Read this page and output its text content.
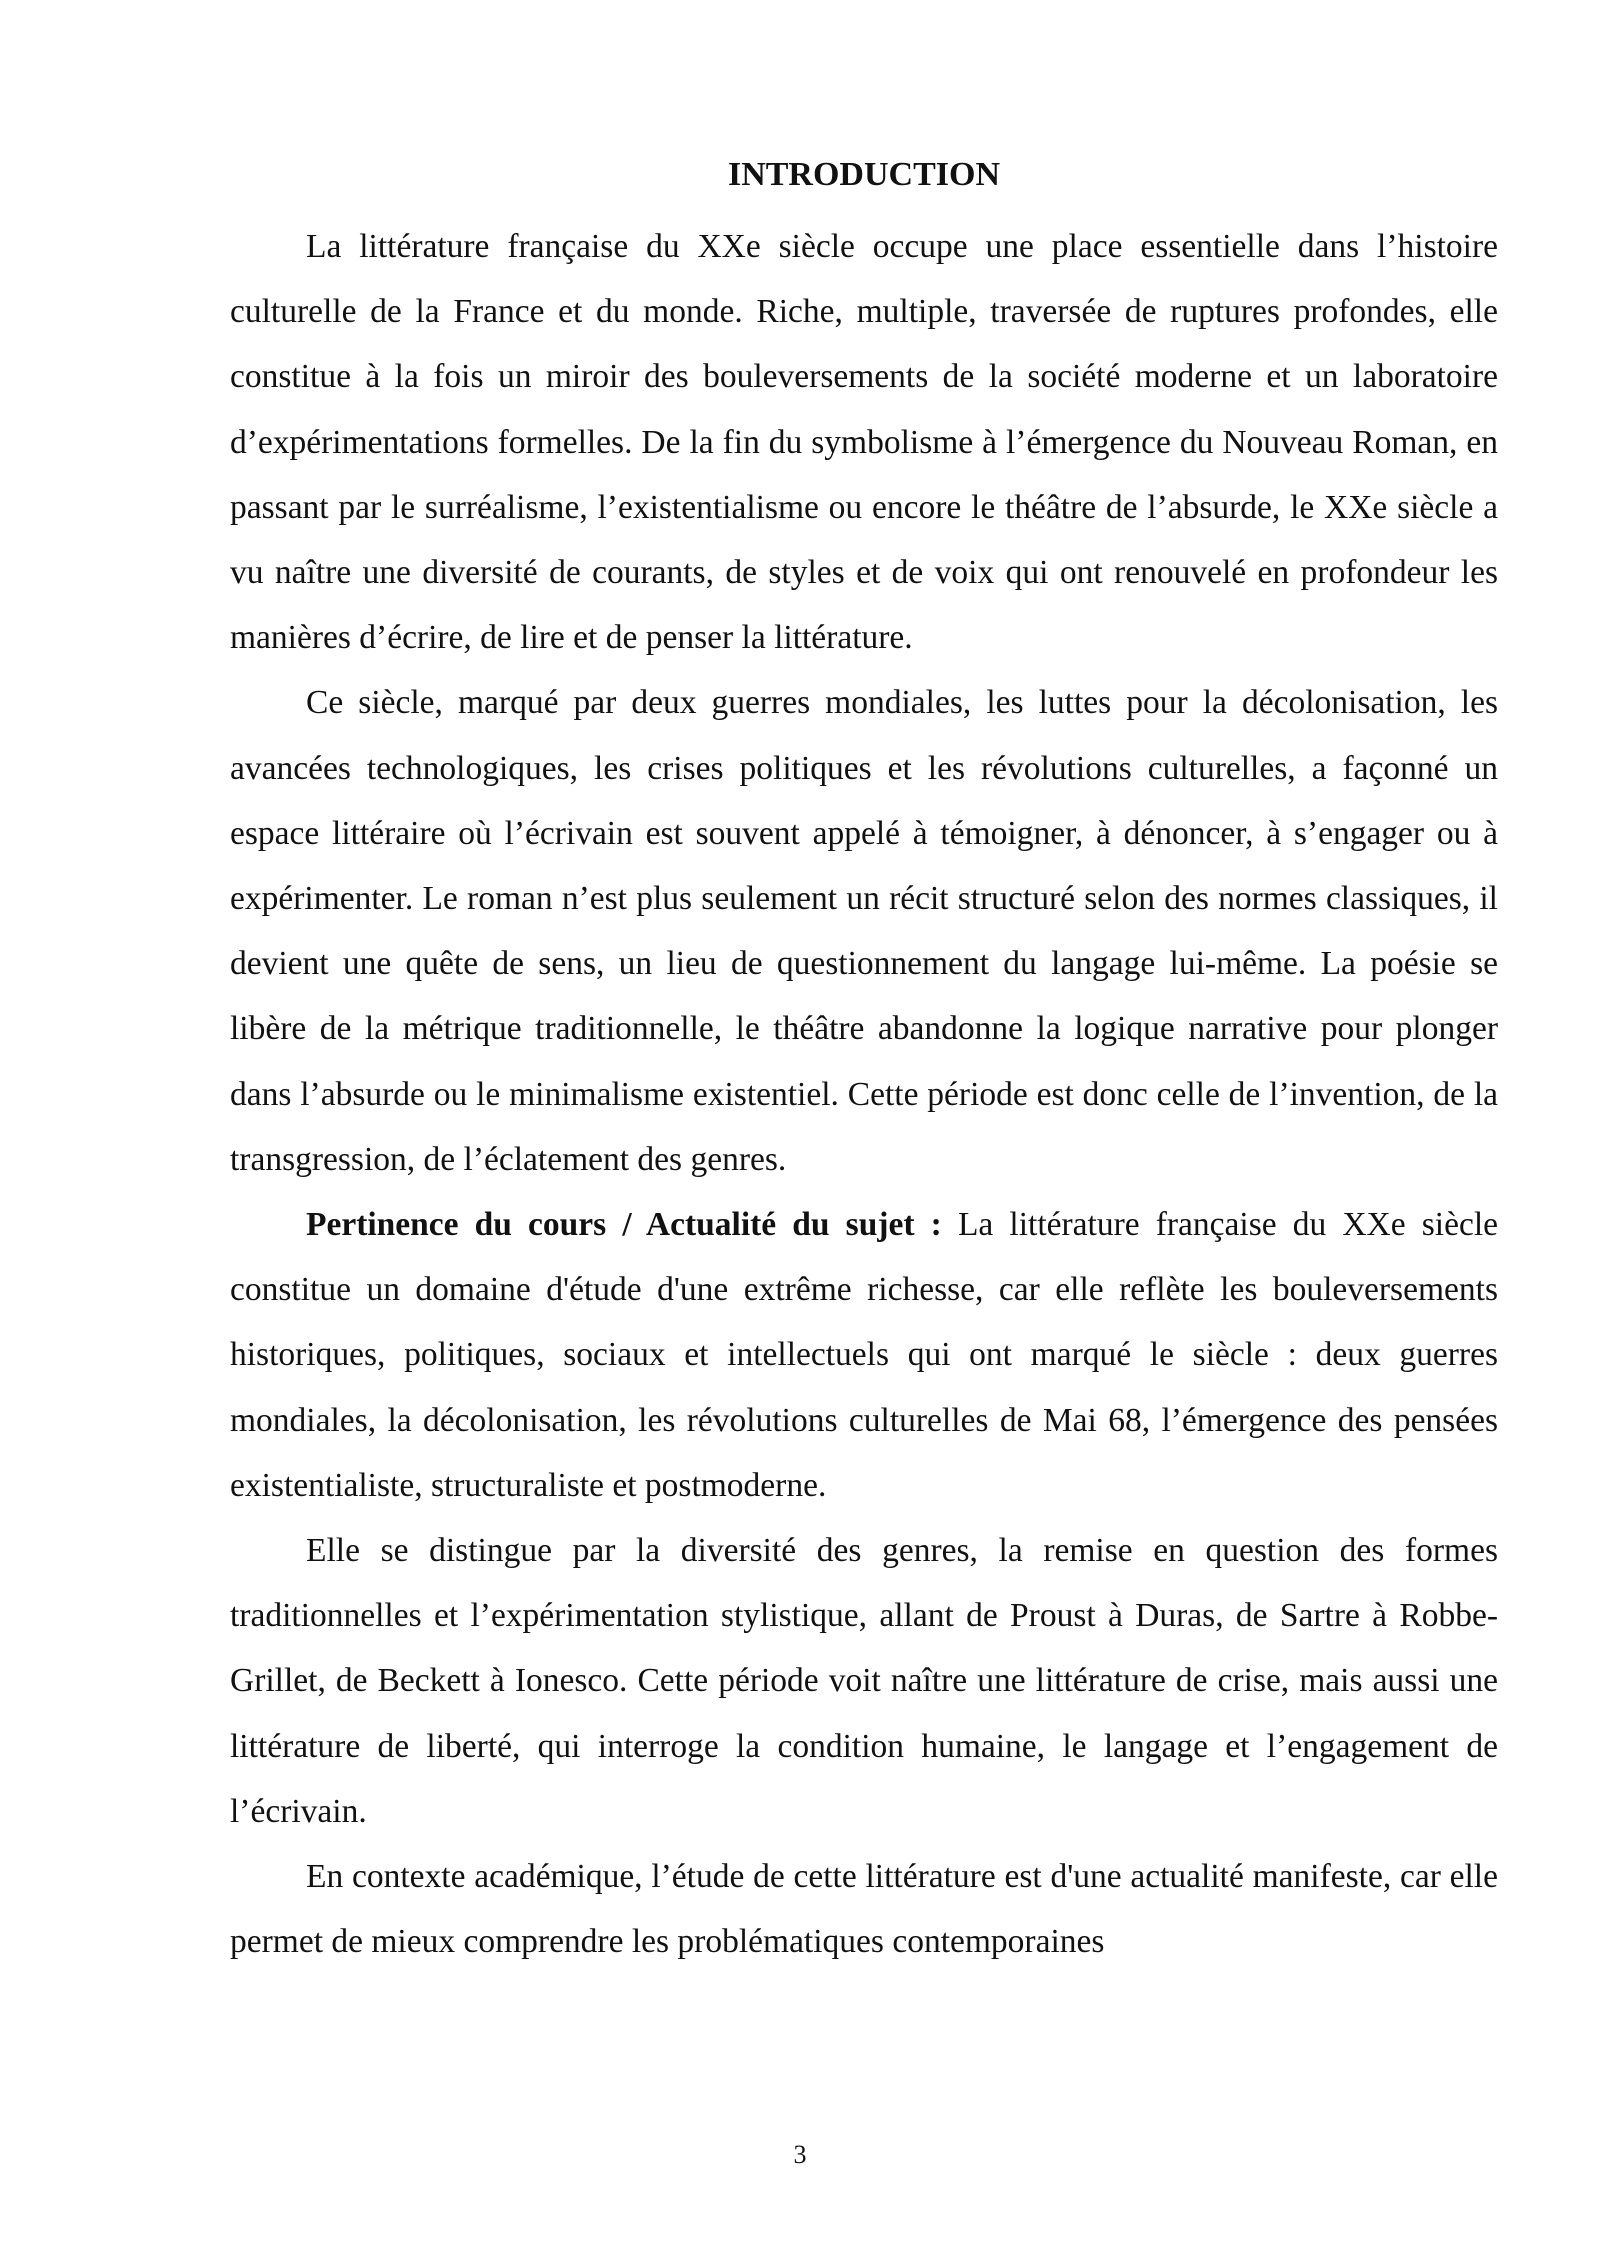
INTRODUCTION

La littérature française du XXe siècle occupe une place essentielle dans l’histoire culturelle de la France et du monde. Riche, multiple, traversée de ruptures profondes, elle constitue à la fois un miroir des bouleversements de la société moderne et un laboratoire d’expérimentations formelles. De la fin du symbolisme à l’émergence du Nouveau Roman, en passant par le surréalisme, l’existentialisme ou encore le théâtre de l’absurde, le XXe siècle a vu naître une diversité de courants, de styles et de voix qui ont renouvelé en profondeur les manières d’écrire, de lire et de penser la littérature.

Ce siècle, marqué par deux guerres mondiales, les luttes pour la décolonisation, les avancées technologiques, les crises politiques et les révolutions culturelles, a façonné un espace littéraire où l’écrivain est souvent appelé à témoigner, à dénoncer, à s’engager ou à expérimenter. Le roman n’est plus seulement un récit structuré selon des normes classiques, il devient une quête de sens, un lieu de questionnement du langage lui-même. La poésie se libère de la métrique traditionnelle, le théâtre abandonne la logique narrative pour plonger dans l’absurde ou le minimalisme existentiel. Cette période est donc celle de l’invention, de la transgression, de l’éclatement des genres.

Pertinence du cours / Actualité du sujet : La littérature française du XXe siècle constitue un domaine d'étude d'une extrême richesse, car elle reflète les bouleversements historiques, politiques, sociaux et intellectuels qui ont marqué le siècle : deux guerres mondiales, la décolonisation, les révolutions culturelles de Mai 68, l’émergence des pensées existentialiste, structuraliste et postmoderne.

Elle se distingue par la diversité des genres, la remise en question des formes traditionnelles et l’expérimentation stylistique, allant de Proust à Duras, de Sartre à Robbe-Grillet, de Beckett à Ionesco. Cette période voit naître une littérature de crise, mais aussi une littérature de liberté, qui interroge la condition humaine, le langage et l’engagement de l’écrivain.

En contexte académique, l’étude de cette littérature est d'une actualité manifeste, car elle permet de mieux comprendre les problématiques contemporaines

3
